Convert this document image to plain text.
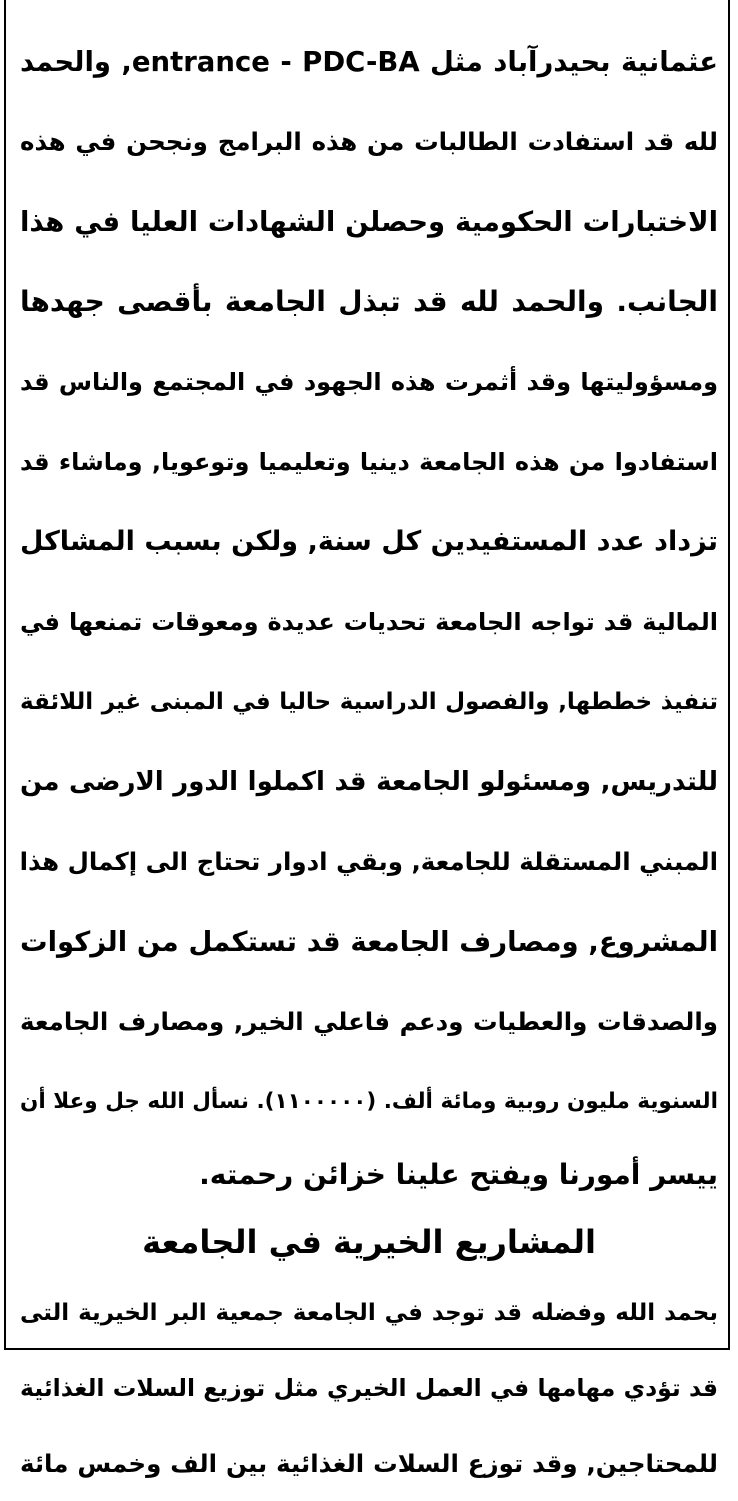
عثمانية بحيدرآباد مثل entrance - PDC-BA, والحمد
لله قد استفادت الطالبات من هذه البرامج ونجحن في هذه
الاختبارات الحكومية وحصلن الشهادات العليا في هذا
الجانب. والحمد لله قد تبذل الجامعة بأقصى جهدها
ومسؤوليتها وقد أثمرت هذه الجهود في المجتمع والناس قد
استفادوا من هذه الجامعة دينيا وتعليميا وتوعويا, وماشاء قد
تزداد عدد المستفيدين كل سنة, ولكن بسبب المشاكل
المالية قد تواجه الجامعة تحديات عديدة ومعوقات تمنعها في
تنفيذ خططها, والفصول الدراسية حاليا في المبنى غير اللائقة
للتدريس, ومسئولو الجامعة قد اكملوا الدور الارضى من
المبني المستقلة للجامعة, وبقي ادوار تحتاج الى إكمال هذا
المشروع, ومصارف الجامعة قد تستكمل من الزكوات
والصدقات والعطيات ودعم فاعلي الخير, ومصارف الجامعة
السنوية مليون روبية ومائة ألف. (١١٠٠٠٠٠). نسأل الله جل وعلا أن
ييسر أمورنا ويفتح علينا خزائن رحمته.
المشاريع الخيرية في الجامعة
بحمد الله وفضله قد توجد في الجامعة جمعية البر الخيرية التى
قد تؤدي مهامها في العمل الخيري مثل توزيع السلات الغذائية
للمحتاجين, وقد توزع السلات الغذائية بين الف وخمس مائة
